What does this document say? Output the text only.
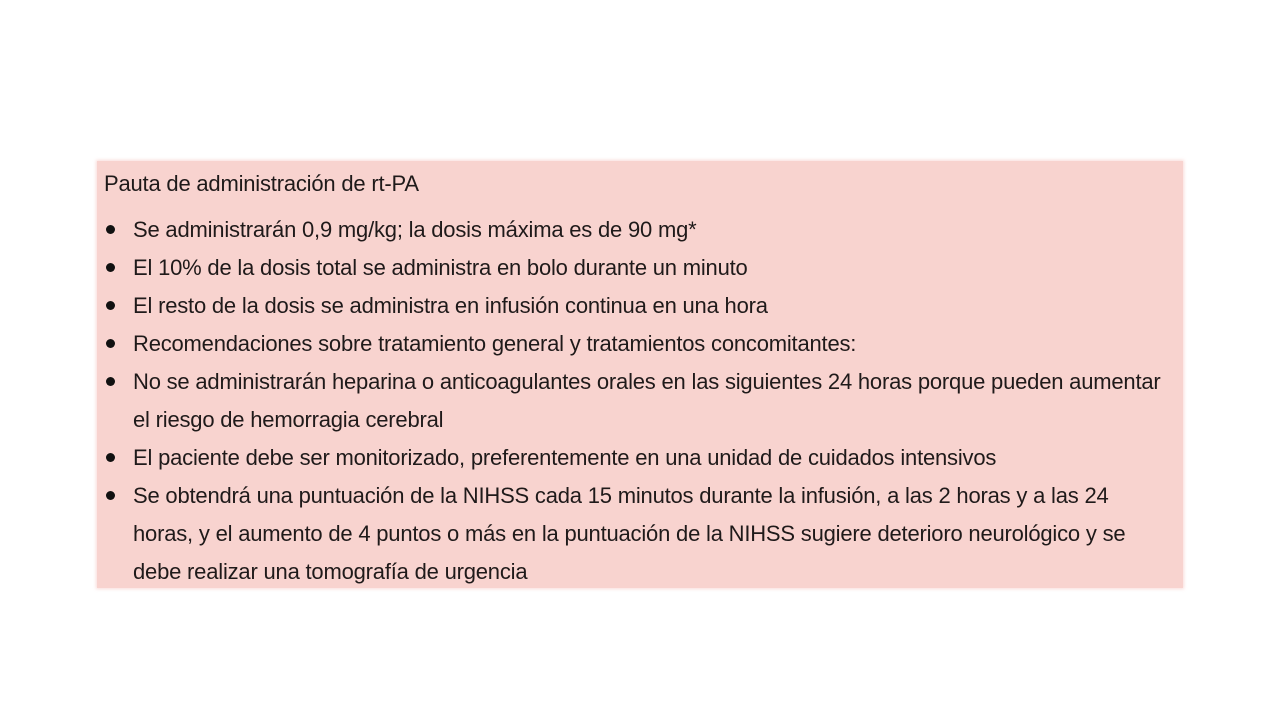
Pauta de administración de rt-PA
Se administrarán 0,9 mg/kg; la dosis máxima es de 90 mg*
El 10% de la dosis total se administra en bolo durante un minuto
El resto de la dosis se administra en infusión continua en una hora
Recomendaciones sobre tratamiento general y tratamientos concomitantes:
No se administrarán heparina o anticoagulantes orales en las siguientes 24 horas porque pueden aumentar el riesgo de hemorragia cerebral
El paciente debe ser monitorizado, preferentemente en una unidad de cuidados intensivos
Se obtendrá una puntuación de la NIHSS cada 15 minutos durante la infusión, a las 2 horas y a las 24 horas, y el aumento de 4 puntos o más en la puntuación de la NIHSS sugiere deterioro neurológico y se debe realizar una tomografía de urgencia
